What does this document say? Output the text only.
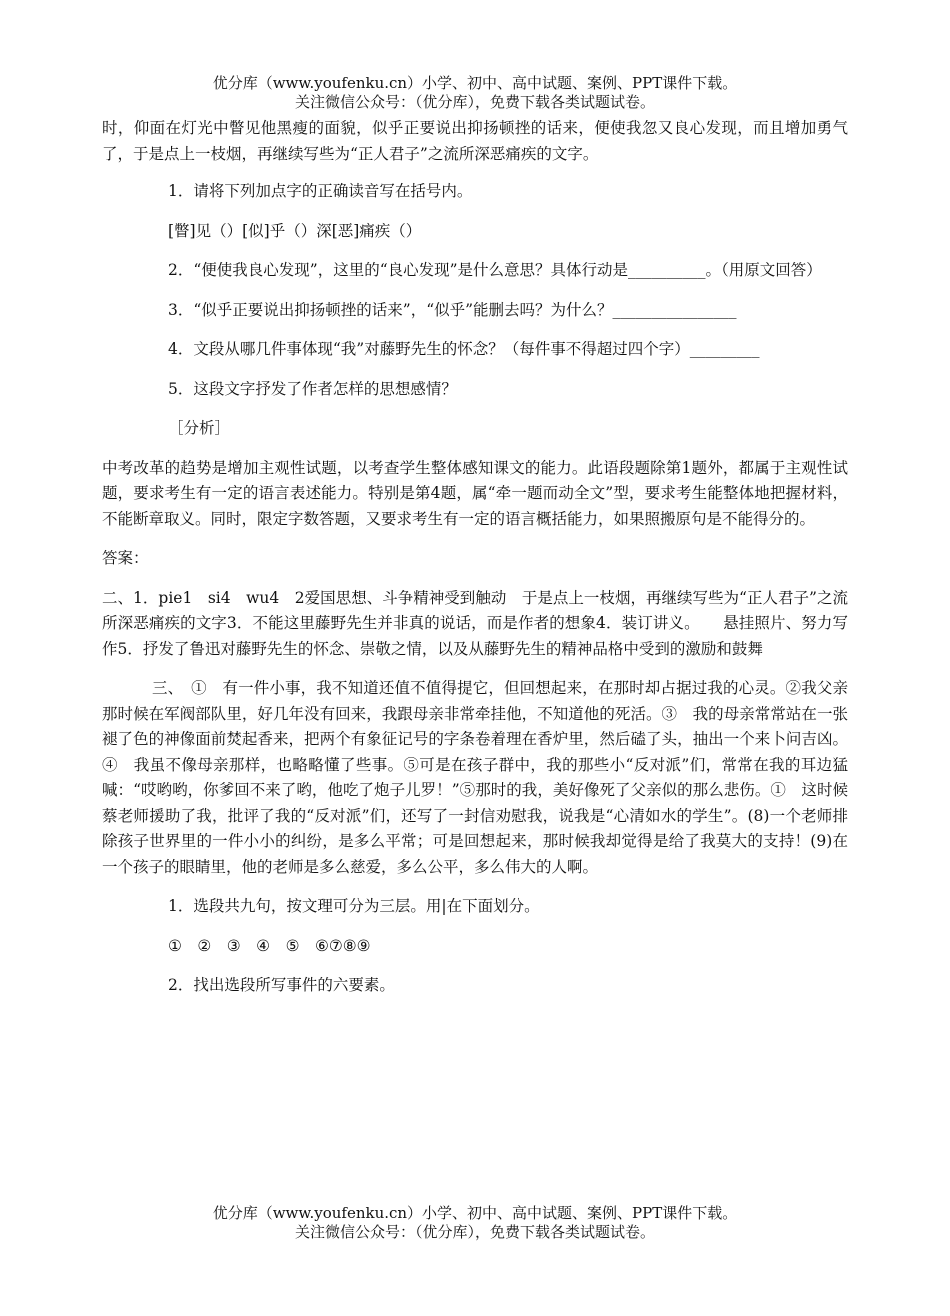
优分库（www.youfenku.cn）小学、初中、高中试题、案例、PPT课件下载。
关注微信公众号：（优分库），免费下载各类试题试卷。

时，仰面在灯光中瞥见他黑瘦的面貌，似乎正要说出抑扬顿挫的话来，便使我忽又良心发现，而且增加勇气了，于是点上一枝烟，再继续写些为“正人君子”之流所深恶痛疾的文字。

1．请将下列加点字的正确读音写在括号内。

[瞥]见（）[似]乎（）深[恶]痛疾（）

2．“便使我良心发现”，这里的“良心发现”是什么意思？具体行动是__________。（用原文回答）

3．“似乎正要说出抑扬顿挫的话来”，“似乎”能删去吗？为什么？________________

4．文段从哪几件事体现“我”对藤野先生的怀念？（每件事不得超过四个字）_________

5．这段文字抒发了作者怎样的思想感情？

［分析］

中考改革的趋势是增加主观性试题，以考查学生整体感知课文的能力。此语段题除第1题外，都属于主观性试题，要求考生有一定的语言表述能力。特别是第4题，属“牵一题而动全文”型，要求考生能整体地把握材料，不能断章取义。同时，限定字数答题，又要求考生有一定的语言概括能力，如果照搬原句是不能得分的。

答案：

二、1．pie1　si4　wu4　2爱国思想、斗争精神受到触动　于是点上一枝烟，再继续写些为“正人君子”之流所深恶痛疾的文字3．不能这里藤野先生并非真的说话，而是作者的想象4．装订讲义。　　悬挂照片、努力写作5．抒发了鲁迅对藤野先生的怀念、崇敬之情，以及从藤野先生的精神品格中受到的激励和鼓舞

三、　①　有一件小事，我不知道还值不值得提它，但回想起来，在那时却占据过我的心灵。②我父亲那时候在军阀部队里，好几年没有回来，我跟母亲非常牵挂他，不知道他的死活。③　我的母亲常常站在一张褪了色的神像面前焚起香来，把两个有象征记号的字条卷着理在香炉里，然后磕了头，抽出一个来卜问吉凶。④　我虽不像母亲那样，也略略懂了些事。⑤可是在孩子群中，我的那些小“反对派”们，常常在我的耳边猛喊：“哎哟哟，你爹回不来了哟，他吃了炮子儿罗！”⑤那时的我，美好像死了父亲似的那么悲伤。①　这时候蔡老师援助了我，批评了我的“反对派”们，还写了一封信劝慰我，说我是“心清如水的学生”。(8)一个老师排除孩子世界里的一件小小的纠纷，是多么平常；可是回想起来，那时候我却觉得是给了我莫大的支持！(9)在一个孩子的眼睛里，他的老师是多么慈爱，多么公平，多么伟大的人啊。

1．选段共九句，按文理可分为三层。用|在下面划分。

①　②　③　④　⑤　⑥⑦⑧⑨

2．找出选段所写事件的六要素。

优分库（www.youfenku.cn）小学、初中、高中试题、案例、PPT课件下载。
关注微信公众号：（优分库），免费下载各类试题试卷。
